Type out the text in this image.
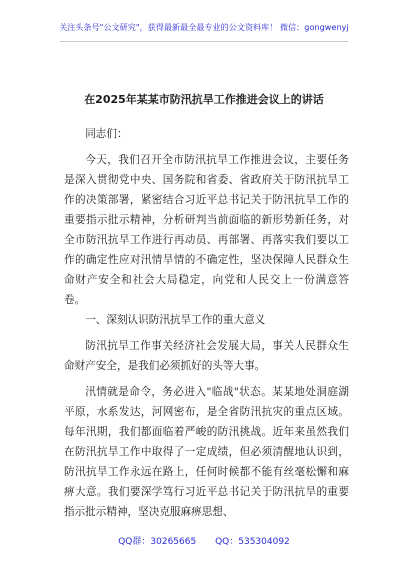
关注头条号"公文研究"，获得最新最全最专业的公文资料库！ 微信：gongwenyj
在2025年某某市防汛抗旱工作推进会议上的讲话

同志们：

今天，我们召开全市防汛抗旱工作推进会议，主要任务是深入贯彻党中央、国务院和省委、省政府关于防汛抗旱工作的决策部署，紧密结合习近平总书记关于防汛抗旱工作的重要指示批示精神，分析研判当前面临的新形势新任务，对全市防汛抗旱工作进行再动员、再部署、再落实我们要以工作的确定性应对汛情旱情的不确定性，坚决保障人民群众生命财产安全和社会大局稳定，向党和人民交上一份满意答卷。

一、深刻认识防汛抗旱工作的重大意义

防汛抗旱工作事关经济社会发展大局，事关人民群众生命财产安全，是我们必须抓好的头等大事。

汛情就是命令，务必进入"临战"状态。某某地处洞庭湖平原，水系发达，河网密布，是全省防汛抗灾的重点区域。每年汛期，我们都面临着严峻的防汛挑战。近年来虽然我们在防汛抗旱工作中取得了一定成绩，但必须清醒地认识到，防汛抗旱工作永远在路上，任何时候都不能有丝毫松懈和麻痹大意。我们要深学笃行习近平总书记关于防汛抗旱的重要指示批示精神，坚决克服麻痹思想、

QQ群：30265665 QQ：535304092
